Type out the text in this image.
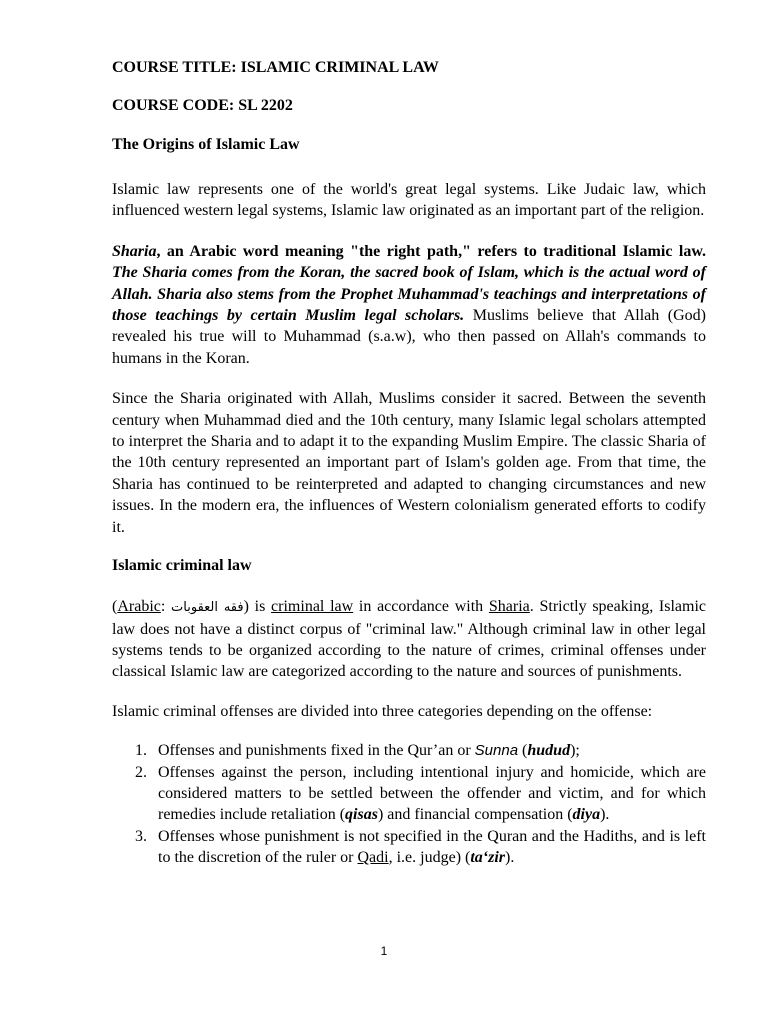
COURSE TITLE: ISLAMIC CRIMINAL LAW
COURSE CODE: SL 2202
The Origins of Islamic Law

Islamic law represents one of the world's great legal systems. Like Judaic law, which influenced western legal systems, Islamic law originated as an important part of the religion.

Sharia, an Arabic word meaning "the right path," refers to traditional Islamic law. The Sharia comes from the Koran, the sacred book of Islam, which is the actual word of Allah. Sharia also stems from the Prophet Muhammad's teachings and interpretations of those teachings by certain Muslim legal scholars. Muslims believe that Allah (God) revealed his true will to Muhammad (s.a.w), who then passed on Allah's commands to humans in the Koran.

Since the Sharia originated with Allah, Muslims consider it sacred. Between the seventh century when Muhammad died and the 10th century, many Islamic legal scholars attempted to interpret the Sharia and to adapt it to the expanding Muslim Empire. The classic Sharia of the 10th century represented an important part of Islam's golden age. From that time, the Sharia has continued to be reinterpreted and adapted to changing circumstances and new issues. In the modern era, the influences of Western colonialism generated efforts to codify it.

Islamic criminal law

(Arabic: فقه العقوبات) is criminal law in accordance with Sharia. Strictly speaking, Islamic law does not have a distinct corpus of "criminal law." Although criminal law in other legal systems tends to be organized according to the nature of crimes, criminal offenses under classical Islamic law are categorized according to the nature and sources of punishments.

Islamic criminal offenses are divided into three categories depending on the offense:

1. Offenses and punishments fixed in the Qur’an or Sunna (hudud);
2. Offenses against the person, including intentional injury and homicide, which are considered matters to be settled between the offender and victim, and for which remedies include retaliation (qisas) and financial compensation (diya).
3. Offenses whose punishment is not specified in the Quran and the Hadiths, and is left to the discretion of the ruler or Qadi, i.e. judge) (ta‘zir).
1
